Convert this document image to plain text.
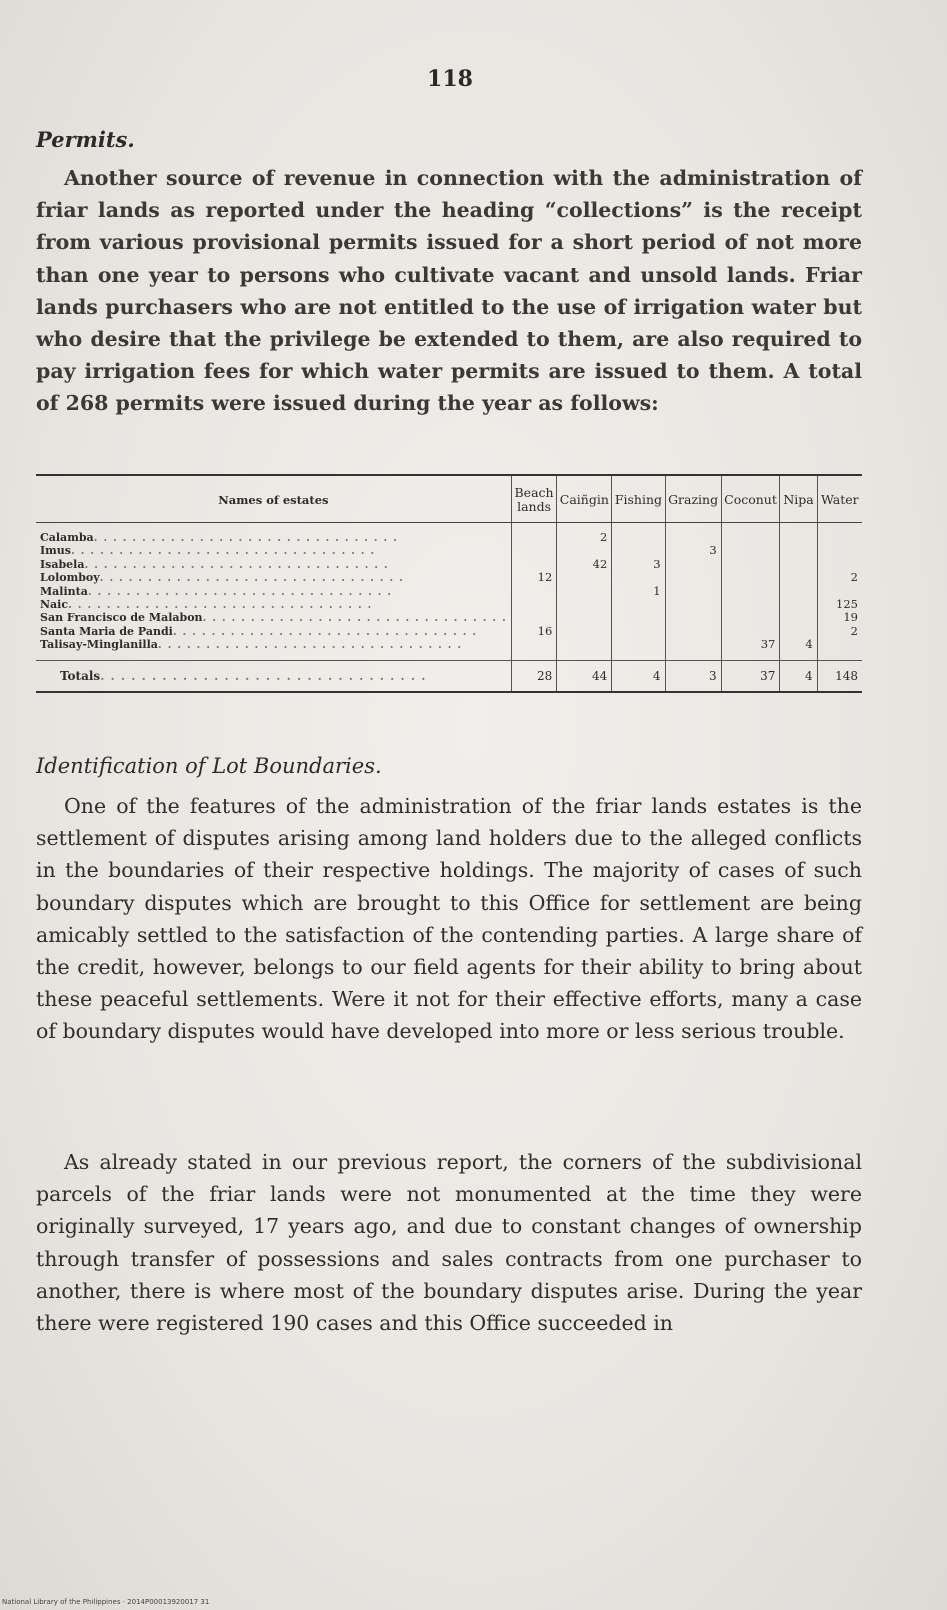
118
Permits.

Another source of revenue in connection with the administration of friar lands as reported under the heading “collections” is the receipt from various provisional permits issued for a short period of not more than one year to persons who cultivate vacant and unsold lands. Friar lands purchasers who are not entitled to the use of irrigation water but who desire that the privilege be extended to them, are also required to pay irrigation fees for which water permits are issued to them. A total of 268 permits were issued during the year as follows:

Names of estates	Beach lands	Caiñgin	Fishing	Grazing	Coconut	Nipa	Water

Calamba. . . . . . . . . . . . . . . . . . . . . . . . . . . . . . . .		2					
Imus. . . . . . . . . . . . . . . . . . . . . . . . . . . . . . . .				3			
Isabela. . . . . . . . . . . . . . . . . . . . . . . . . . . . . . . .		42	3				
Lolomboy. . . . . . . . . . . . . . . . . . . . . . . . . . . . . . . .	12						2
Malinta. . . . . . . . . . . . . . . . . . . . . . . . . . . . . . . .			1				
Naic. . . . . . . . . . . . . . . . . . . . . . . . . . . . . . . .							125
San Francisco de Malabon. . . . . . . . . . . . . . . . . . . . . . . . . . . . . . . .							19
Santa Maria de Pandi. . . . . . . . . . . . . . . . . . . . . . . . . . . . . . . .	16						2
Talisay-Minglanilla. . . . . . . . . . . . . . . . . . . . . . . . . . . . . . . .					37	4	

Totals. . . . . . . . . . . . . . . . . . . . . . . . . . . . . . . .	28	44	4	3	37	4	148
Identification of Lot Boundaries.

One of the features of the administration of the friar lands estates is the settlement of disputes arising among land holders due to the alleged conflicts in the boundaries of their respective holdings. The majority of cases of such boundary disputes which are brought to this Office for settlement are being amicably settled to the satisfaction of the contending parties. A large share of the credit, however, belongs to our field agents for their ability to bring about these peaceful settlements. Were it not for their effective efforts, many a case of boundary disputes would have developed into more or less serious trouble.

As already stated in our previous report, the corners of the subdivisional parcels of the friar lands were not monumented at the time they were originally surveyed, 17 years ago, and due to constant changes of ownership through transfer of possessions and sales contracts from one purchaser to another, there is where most of the boundary disputes arise. During the year there were registered 190 cases and this Office succeeded in

National Library of the Philippines · 2014P00013920017 31
